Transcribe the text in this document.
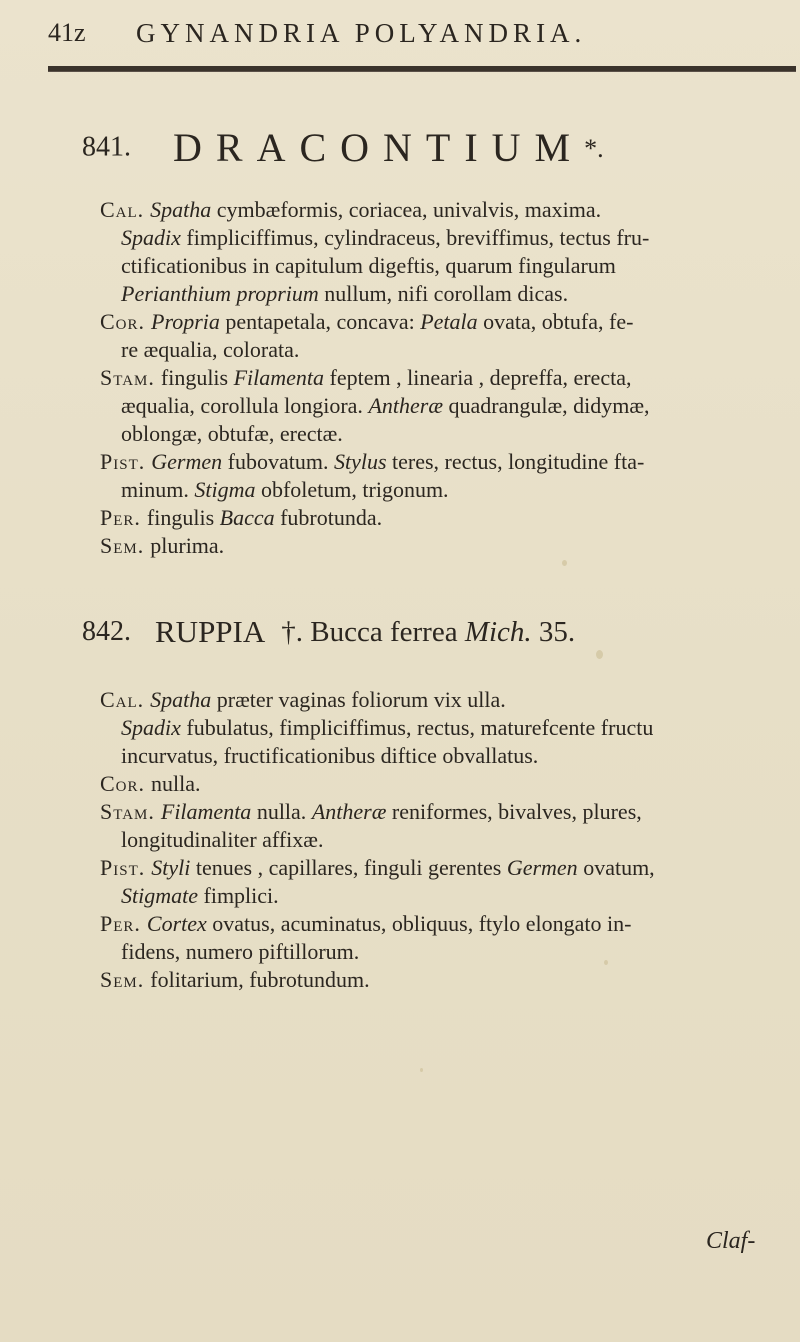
41z GYNANDRIA POLYANDRIA.
841. DRACONTIUM*.
Cal. Spatha cymbæformis, coriacea, univalvis, maxima.
Spadix fimpliciffimus, cylindraceus, breviffimus, tectus fru-
ctificationibus in capitulum digeftis, quarum fingularum
Perianthium proprium nullum, nifi corollam dicas.
Cor. Propria pentapetala, concava: Petala ovata, obtufa, fe-
re æqualia, colorata.
Stam. fingulis Filamenta feptem , linearia , depreffa, erecta,
æqualia, corollula longiora. Antheræ quadrangulæ, didymæ,
oblongæ, obtufæ, erectæ.
Pist. Germen fubovatum. Stylus teres, rectus, longitudine fta-
minum. Stigma obfoletum, trigonum.
Per. fingulis Bacca fubrotunda.
Sem. plurima.
842. RUPPIA †. Bucca ferrea Mich. 35.
Cal. Spatha præter vaginas foliorum vix ulla.
Spadix fubulatus, fimpliciffimus, rectus, maturefcente fructu
incurvatus, fructificationibus diftice obvallatus.
Cor. nulla.
Stam. Filamenta nulla. Antheræ reniformes, bivalves, plures,
longitudinaliter affixæ.
Pist. Styli tenues , capillares, finguli gerentes Germen ovatum,
Stigmate fimplici.
Per. Cortex ovatus, acuminatus, obliquus, ftylo elongato in-
fidens, numero piftillorum.
Sem. folitarium, fubrotundum.
Claf-
